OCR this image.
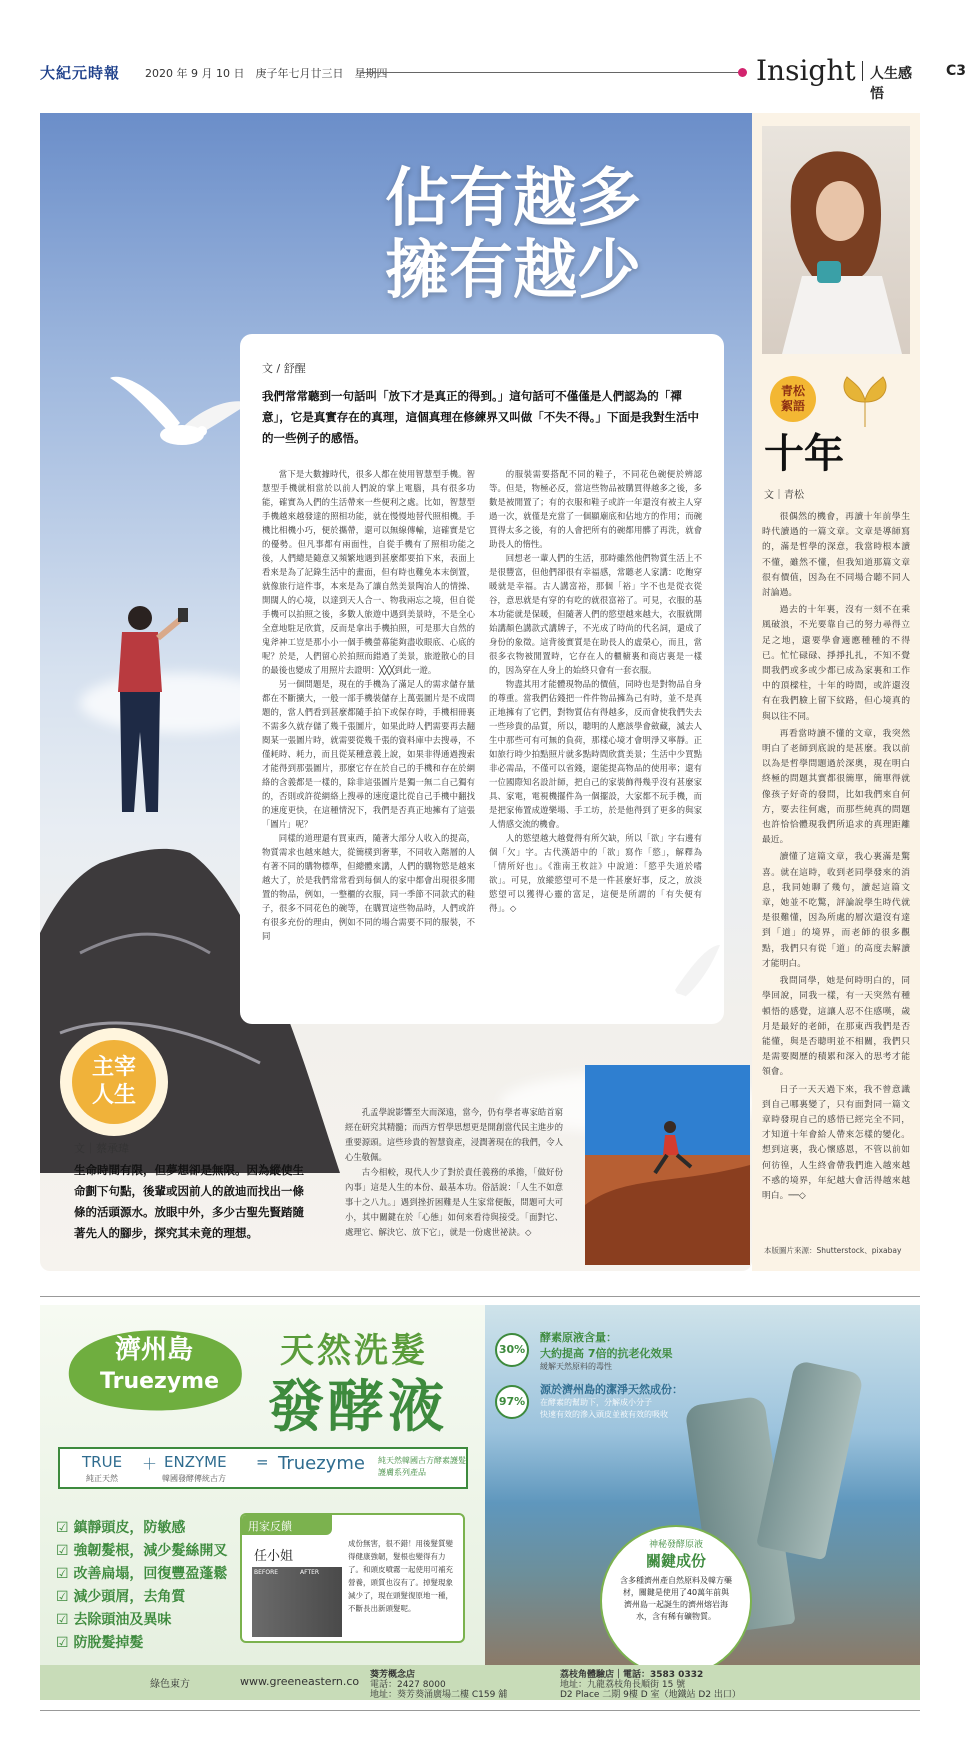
大紀元時報 2020 年 9 月 10 日　庚子年七月廿三日　星期四	Insight 人生感悟
C3
佔有越多
擁有越少
文 / 舒醒
我們常常聽到一句話叫「放下才是真正的得到。」這句話可不僅僅是人們認為的「禪意」，它是真實存在的真理，這個真理在修練界又叫做「不失不得。」下面是我對生活中的一些例子的感悟。

當下是大數據時代，很多人都在使用智慧型手機。智慧型手機就相當於以前人們說的掌上電腦，具有很多功能，確實為人們的生活帶來一些便利之處。比如，智慧型手機越來越發達的照相功能，就在慢慢地替代照相機。手機比相機小巧，便於攜帶，還可以無線傳輸，這確實是它的優勢。但凡事都有兩面性，自從手機有了照相功能之後，人們總是隨意又頻繁地遇到甚麼都要拍下來，表面上看來是為了記錄生活中的畫面，但有時也難免本末倒置，就像旅行這件事，本來是為了讓自然美景陶冶人的情操、開闊人的心境，以達到天人合一、物我兩忘之境，但自從手機可以拍照之後，多數人旅遊中遇到美景時，不是全心全意地駐足欣賞，反而是拿出手機拍照，可是那大自然的鬼斧神工豈是那小小一個手機螢幕能夠盡收眼底、心底的呢？於是，人們留心於拍照而錯過了美景，旅遊散心的目的最後也變成了用照片去證明：╳╳╳到此一遊。

另一個問題是，現在的手機為了滿足人的需求儲存量都在不斷擴大，一般一部手機裝儲存上萬張圖片是不成問題的，當人們看到甚麼都隨手拍下或保存時，手機相冊裏不需多久就存儲了幾千張圖片，如果此時人們需要再去翻閱某一張圖片時，就需要從幾千張的資料庫中去搜尋，不僅耗時、耗力，而且從某種意義上說，如果非得通過搜索才能得到那張圖片，那麼它存在於自己的手機和存在於網絡的含義都是一樣的，除非這張圖片是獨一無二自己獨有的，否則或許從網絡上搜尋的速度還比從自己手機中翻找的速度更快，在這種情況下，我們是否真正地擁有了這張「圖片」呢？

同樣的道理還有買東西，隨著大部分人收入的提高，物質需求也越來越大，從簡樸到奢華，不同收入階層的人有著不同的購物標準，但總體來講，人們的購物慾是越來越大了，於是我們常常看到每個人的家中都會出現很多閒置的物品，例如，一整櫃的衣服，同一季節不同款式的鞋子，很多不同花色的碗等，在購買這些物品時，人們或許有很多充份的理由，例如不同的場合需要不同的服裝，不同

的服裝需要搭配不同的鞋子，不同花色碗便於辨認等。但是，物極必反，當這些物品被購買得越多之後，多數是被閒置了；有的衣服和鞋子或許一年還沒有被主人穿過一次，就僅是充當了一個顯廟底和佔地方的作用；而碗買得太多之後，有的人會把所有的碗都用髒了再洗，就會助長人的惰性。

回想老一輩人們的生活，那時雖然他們物質生活上不是很豐富，但他們卻很有幸福感，常聽老人家講：吃飽穿暖就是幸福。古人講富裕，那個「裕」字不也是從衣從谷，意思就是有穿的有吃的就很富裕了。可見，衣服的基本功能就是保暖，但隨著人們的慾望越來越大，衣服就開始講顏色講款式講牌子，不光成了時尚的代名詞，還成了身份的象徵。這背後實質是在助長人的虛榮心，而且，當很多衣物被閒置時，它存在人的櫃櫥裏和商店裏是一樣的，因為穿在人身上的始終只會有一套衣服。

物盡其用才能體現物品的價值，同時也是對物品自身的尊重。當我們佔錢把一件件物品擁為己有時，並不是真正地擁有了它們，對物質佔有得越多，反而會使我們失去一些珍貴的品質，所以，聰明的人應該學會斂藏，減去人生中那些可有可無的負荷，那樣心境才會明淨又寧靜。正如旅行時少拍點照片就多點時間欣賞美景；生活中少買點非必需品，不僅可以省錢，還能提高物品的使用率；還有一位國際知名設計師，把自己的家裝飾得幾乎沒有甚麼家具、家電，電視機擺件為一個擺設，大家都不玩手機，而是把家佈置成遊樂場、手工坊，於是他得到了更多的與家人情感交流的機會。

人的慾望越大越覺得有所欠缺，所以「欲」字右邊有個「欠」字。古代漢語中的「欲」寫作「慾」，解釋為「情所好也」。《淮南王枚註》中說道：「慾乎失道於嗜欲」。可見，放縱慾望可不是一件甚麼好事，反之，放淡慾望可以獲得心靈的富足，這便是所謂的「有失便有得」。◇

主宰
人生
文｜蔡承瑋
生命時間有限，但夢想卻是無限。因為縱使生命劃下句點，後輩或因前人的啟迪而找出一條條的活頭源水。放眼中外，多少古聖先賢踏隨著先人的腳步，探究其未竟的理想。

孔孟學說影響至大而深遠，當今，仍有學者專家皓首窮經在研究其精髓；而西方哲學思想更是開創當代民主進步的重要源頭。這些珍貴的智慧資產，浸潤著現在的我們，令人心生敬佩。

古今相較，現代人少了對於責任義務的承擔，「做好份內事」這是人生的本份、最基本功。俗話說：「人生不如意事十之八九。」遇到挫折困難是人生家常便飯，問題可大可小，其中關鍵在於「心態」如何來看待與接受。「面對它、處理它、解決它、放下它」，就是一份處世祕訣。◇

青松
絮語
十年
文｜青松

很偶然的機會，再讀十年前學生時代讀過的一篇文章。文章是導師寫的，滿是哲學的深意，我當時根本讀不懂，雖然不懂，但我知道那篇文章很有價值，因為在不同場合聽不同人討論過。

過去的十年裏，沒有一刻不在乘風破浪，不光要靠自己的努力尋得立足之地，還要學會適應種種的不得已。忙忙碌碌、掙掙扎扎，不知不覺間我們或多或少都已成為家裏和工作中的頂樑柱，十年的時間，或許還沒有在我們臉上留下紋路，但心境真的與以往不同。

再看當時讀不懂的文章，我突然明白了老師到底說的是甚麼。我以前以為是哲學問題過於深奧，現在明白終極的問題其實都很簡單，簡單得就像孩子好奇的發問，比如我們來自何方，要去往何處，而那些純真的問題也許恰恰體現我們所追求的真理距離最近。

讀懂了這篇文章，我心裏滿是驚喜。就在這時，收到老同學發來的消息，我同她聊了幾句，讀起這篇文章，她並不吃驚，評論說學生時代就是很難懂，因為所處的層次還沒有達到「道」的境界，而老師的很多觀點，我們只有從「道」的高度去解讀才能明白。

我問同學，她是何時明白的，同學回說，同我一樣，有一天突然有種頓悟的感覺，這讓人忍不住感嘆，歲月是最好的老師，在那東西我們是否能懂，與是否聰明並不相關，我們只是需要閱歷的積累和深入的思考才能領會。

日子一天天過下來，我不曾意識到自己哪裏變了，只有面對同一篇文章時發現自己的感悟已經完全不同，才知道十年會給人帶來怎樣的變化。想到這裏，我心懷感恩，不管以前如何彷徨，人生終會帶我們進入越來越不惑的境界，年紀越大會活得越來越明白。──◇

本版圖片來源：Shutterstock、pixabay
濟州島
Truezyme
天然洗髮
發酵液
TRUE
純正天然
＋ ENZYME
韓國發酵傳統古方
= Truezyme 純天然韓國古方酵素護髮護膚系列產品
☑ 鎮靜頭皮，防敏感
☑ 強韌髮根，減少髮絲開叉
☑ 改善扁塌，回復豐盈蓬鬆
☑ 減少頭屑，去角質
☑ 去除頭油及異味
☑ 防脫髮掉髮
用家反饋
任小姐
BEFORE	AFTER
成份無害，很不錯！用後髮質變得健康強韌，髮根也變得有力了。和頭皮噴霧一起使用可補充營養，頭質也沒有了。掉髮現象減少了，現在頭髮復原地一種，不斷長出新頭髮呢。
30%
酵素原液含量：
大約提高 7倍的抗老化效果
緩解天然原料的毒性
97%
源於濟州島的潔淨天然成份：
在酵素的幫助下，分解成小分子
快速有效的滲入頭皮並被有效的吸收
神秘發酵原液
關鍵成份
含多種濟州產自然原料及韓方藥材，關鍵是使用了40萬年前與濟州島一起誕生的濟州熔岩海水，含有稀有礦物質。
綠色東方	www.greeneastern.co 葵芳概念店
電話：2427 8000
地址：葵芳葵涌廣場二樓 C159 舖
荔枝角體驗店｜電話：3583 0332
地址：九龍荔枝角長順街 15 號
D2 Place 二期 9樓 D 室（地鐵站 D2 出口）
